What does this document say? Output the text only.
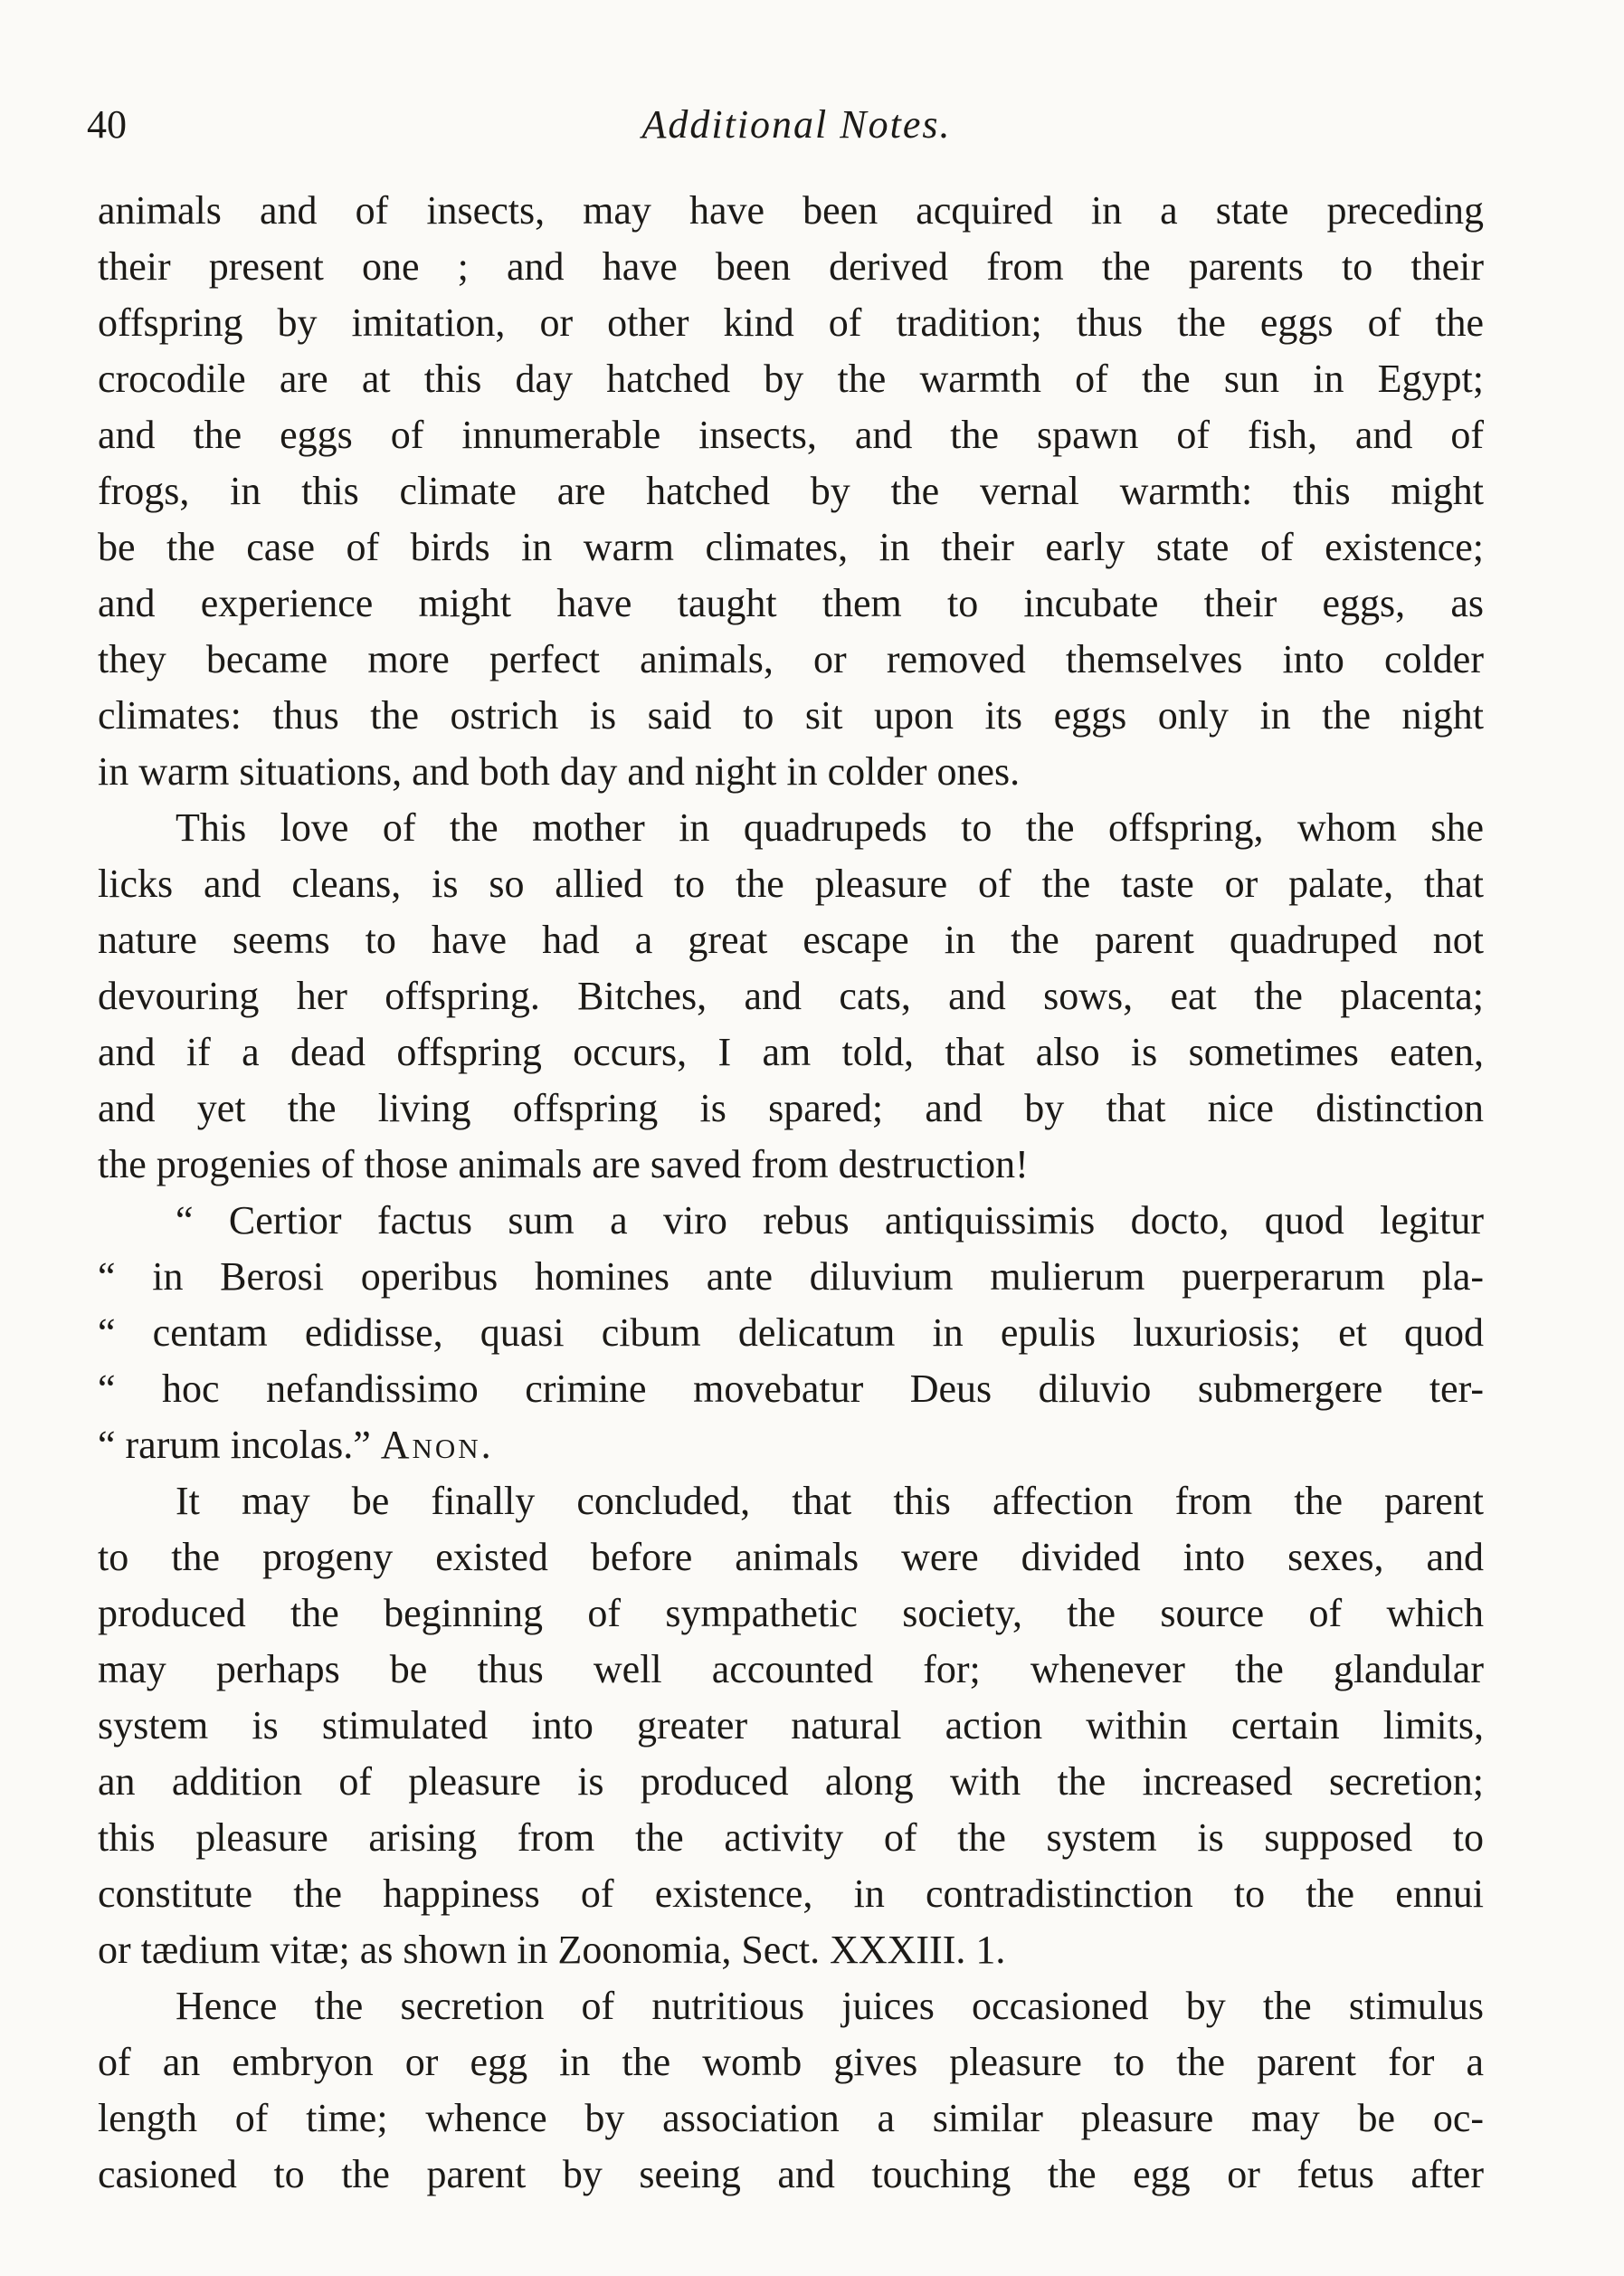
40	Additional Notes.
animals and of insects, may have been acquired in a state preceding
their present one ; and have been derived from the parents to their
offspring by imitation, or other kind of tradition; thus the eggs of the
crocodile are at this day hatched by the warmth of the sun in Egypt;
and the eggs of innumerable insects, and the spawn of fish, and of
frogs, in this climate are hatched by the vernal warmth: this might
be the case of birds in warm climates, in their early state of existence;
and experience might have taught them to incubate their eggs, as
they became more perfect animals, or removed themselves into colder
climates: thus the ostrich is said to sit upon its eggs only in the night
in warm situations, and both day and night in colder ones.
This love of the mother in quadrupeds to the offspring, whom she
licks and cleans, is so allied to the pleasure of the taste or palate, that
nature seems to have had a great escape in the parent quadruped not
devouring her offspring. Bitches, and cats, and sows, eat the placenta;
and if a dead offspring occurs, I am told, that also is sometimes eaten,
and yet the living offspring is spared; and by that nice distinction
the progenies of those animals are saved from destruction!
“ Certior factus sum a viro rebus antiquissimis docto, quod legitur
“ in Berosi operibus homines ante diluvium mulierum puerperarum pla-
“ centam edidisse, quasi cibum delicatum in epulis luxuriosis; et quod
“ hoc nefandissimo crimine movebatur Deus diluvio submergere ter-
“ rarum incolas.” Anon.
It may be finally concluded, that this affection from the parent
to the progeny existed before animals were divided into sexes, and
produced the beginning of sympathetic society, the source of which
may perhaps be thus well accounted for; whenever the glandular
system is stimulated into greater natural action within certain limits,
an addition of pleasure is produced along with the increased secretion;
this pleasure arising from the activity of the system is supposed to
constitute the happiness of existence, in contradistinction to the ennui
or tædium vitæ; as shown in Zoonomia, Sect. XXXIII. 1.
Hence the secretion of nutritious juices occasioned by the stimulus
of an embryon or egg in the womb gives pleasure to the parent for a
length of time; whence by association a similar pleasure may be oc-
casioned to the parent by seeing and touching the egg or fetus after
